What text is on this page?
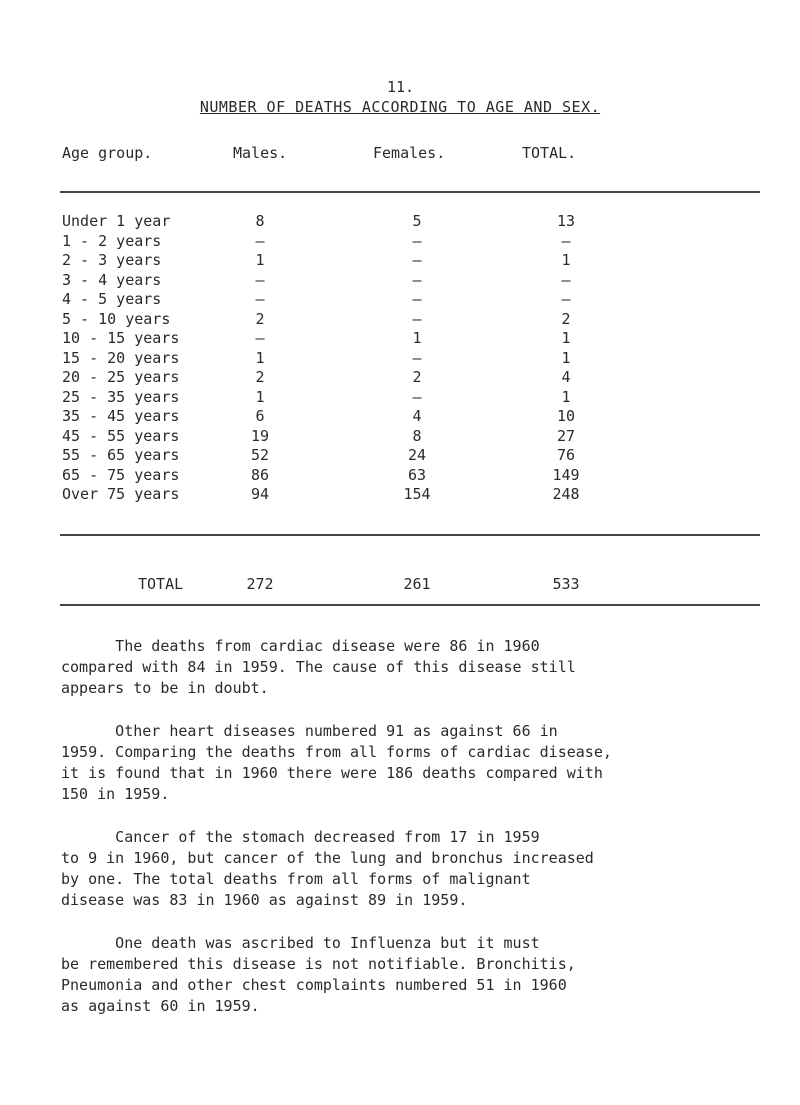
11.
NUMBER OF DEATHS ACCORDING TO AGE AND SEX.
Age group.	Males.	Females.	TOTAL.
Under 1 year	8	5	13
1 - 2 years	–	–	–
2 - 3 years	1	–	1
3 - 4 years	–	–	–
4 - 5 years	–	–	–
5 - 10 years	2	–	2
10 - 15 years	–	1	1
15 - 20 years	1	–	1
20 - 25 years	2	2	4
25 - 35 years	1	–	1
35 - 45 years	6	4	10
45 - 55 years	19	8	27
55 - 65 years	52	24	76
65 - 75 years	86	63	149
Over 75 years	94	154	248
TOTAL	272	261	533

The deaths from cardiac disease were 86 in 1960
compared with 84 in 1959. The cause of this disease still
appears to be in doubt.

Other heart diseases numbered 91 as against 66 in
1959. Comparing the deaths from all forms of cardiac disease,
it is found that in 1960 there were 186 deaths compared with
150 in 1959.

Cancer of the stomach decreased from 17 in 1959
to 9 in 1960, but cancer of the lung and bronchus increased
by one. The total deaths from all forms of malignant
disease was 83 in 1960 as against 89 in 1959.

One death was ascribed to Influenza but it must
be remembered this disease is not notifiable. Bronchitis,
Pneumonia and other chest complaints numbered 51 in 1960
as against 60 in 1959.
